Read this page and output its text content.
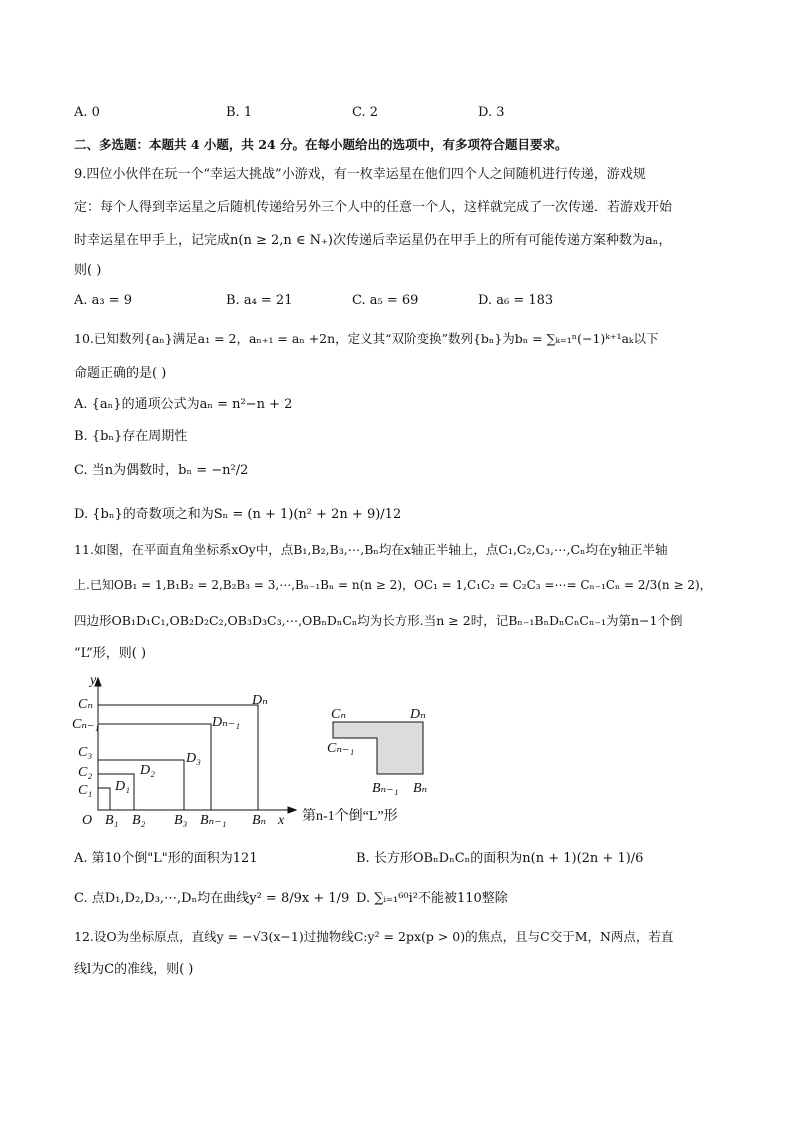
A. 0	B. 1	C. 2	D. 3
二、多选题：本题共 4 小题，共 24 分。在每小题给出的选项中，有多项符合题目要求。
9.四位小伙伴在玩一个“幸运大挑战”小游戏，有一枚幸运星在他们四个人之间随机进行传递，游戏规
定：每个人得到幸运星之后随机传递给另外三个人中的任意一个人，这样就完成了一次传递．若游戏开始
时幸运星在甲手上，记完成n(n ≥ 2,n ∈ N₊)次传递后幸运星仍在甲手上的所有可能传递方案种数为aₙ，
则( )
A. a₃ = 9	B. a₄ = 21	C. a₅ = 69	D. a₆ = 183
10.已知数列{aₙ}满足a₁ = 2，aₙ₊₁ = aₙ +2n，定义其“双阶变换”数列{bₙ}为bₙ = ∑ₖ₌₁ⁿ(−1)ᵏ⁺¹aₖ以下
命题正确的是( )
A. {aₙ}的通项公式为aₙ = n²−n + 2
B. {bₙ}存在周期性
C. 当n为偶数时，bₙ = −n²/2
D. {bₙ}的奇数项之和为Sₙ = (n + 1)(n² + 2n + 9)/12
11.如图，在平面直角坐标系xOy中，点B₁,B₂,B₃,⋯,Bₙ均在x轴正半轴上，点C₁,C₂,C₃,⋯,Cₙ均在y轴正半轴
上.已知OB₁ = 1,B₁B₂ = 2,B₂B₃ = 3,⋯,Bₙ₋₁Bₙ = n(n ≥ 2)，OC₁ = 1,C₁C₂ = C₂C₃ =⋯= Cₙ₋₁Cₙ = 2/3(n ≥ 2)，
四边形OB₁D₁C₁,OB₂D₂C₂,OB₃D₃C₃,⋯,OBₙDₙCₙ均为长方形.当n ≥ 2时，记Bₙ₋₁BₙDₙCₙCₙ₋₁为第n−1个倒
“L”形，则( )
y
Cₙ
Cₙ₋₁
C₃
C₂
C₁
O B₁ B₂ B₃ Bₙ₋₁ Bₙ x
D₁
D₂
D₃
Dₙ₋₁
Dₙ
Cₙ	Dₙ
Cₙ₋₁
Bₙ₋₁ Bₙ
第n-1个倒“L”形
A. 第10个倒"L"形的面积为121	B. 长方形OBₙDₙCₙ的面积为n(n + 1)(2n + 1)/6
C. 点D₁,D₂,D₃,⋯,Dₙ均在曲线y² = 8/9x + 1/9 D. ∑ᵢ₌₁⁶⁰i²不能被110整除
12.设O为坐标原点，直线y = −√3(x−1)过抛物线C:y² = 2px(p > 0)的焦点，且与C交于M，N两点，若直
线l为C的准线，则( )
